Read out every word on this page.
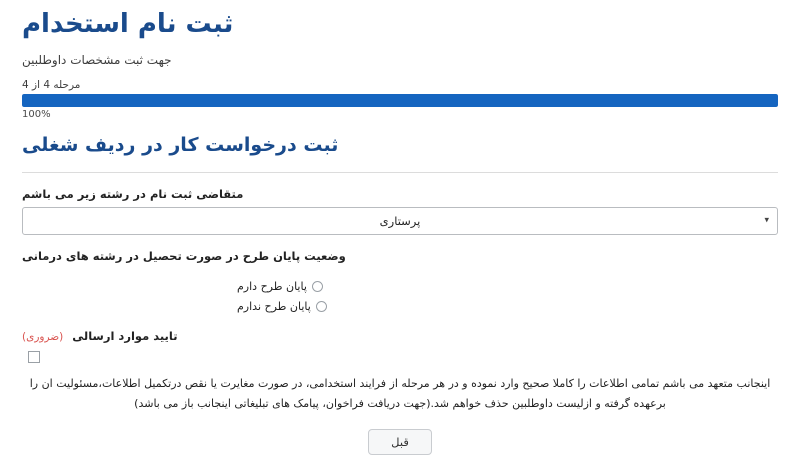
ثبت نام استخدام
جهت ثبت مشخصات داوطلبین
مرحله 4 از 4
100%
ثبت درخواست کار در ردیف شغلی
متقاضی ثبت نام در رشته زیر می باشم
پرستاری	▾
وضعیت پایان طرح در صورت تحصیل در رشته های درمانی
پایان طرح دارم
پایان طرح ندارم
تایید موارد ارسالی (ضروری)
اینجانب متعهد می باشم تمامی اطلاعات را کاملا صحیح وارد نموده و در هر مرحله از فرایند استخدامی، در صورت مغایرت یا نقص درتکمیل اطلاعات،مسئولیت ان را برعهده گرفته و ازلیست داوطلبین حذف خواهم شد.(جهت دریافت فراخوان، پیامک های تبلیغاتی اینجانب باز می باشد)
قبل
